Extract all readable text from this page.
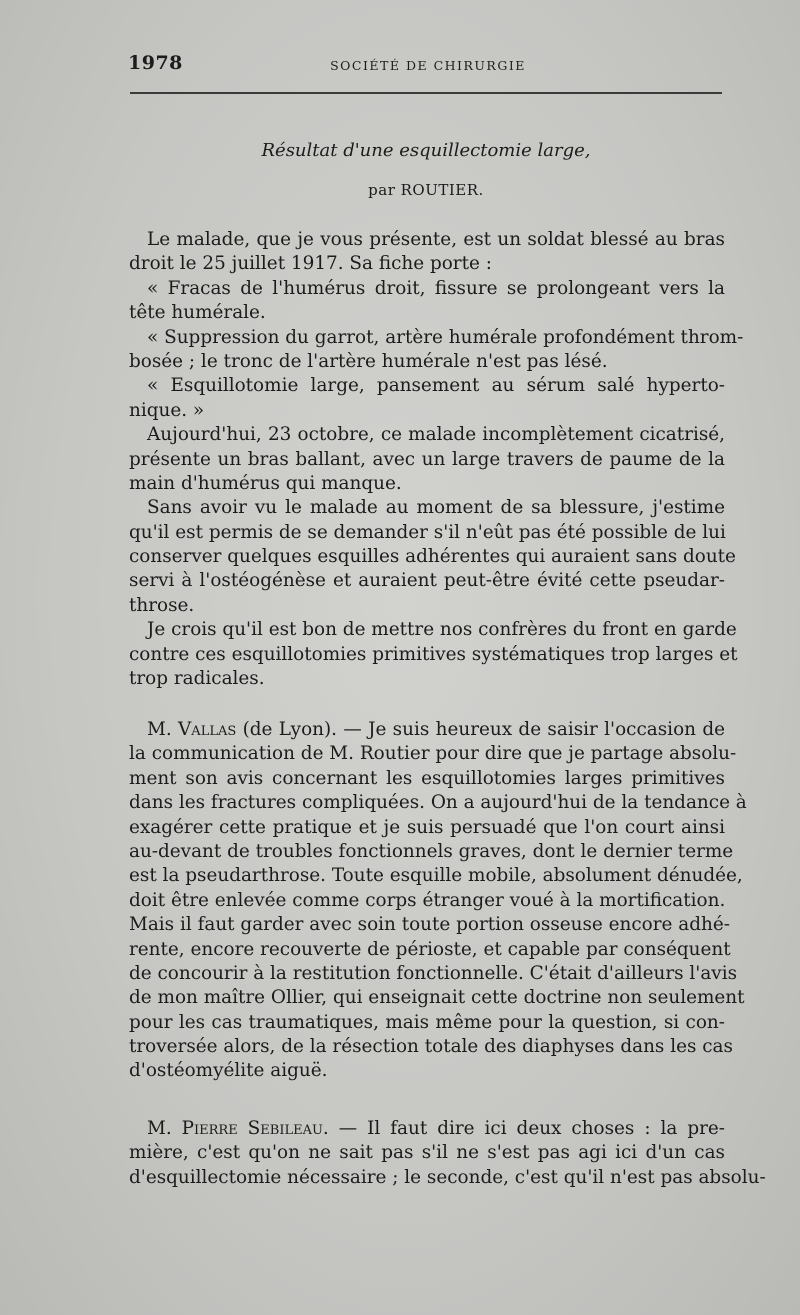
1978	SOCIÉTÉ DE CHIRURGIE
Résultat d'une esquillectomie large,
par ROUTIER.
Le malade, que je vous présente, est un soldat blessé au bras
droit le 25 juillet 1917. Sa fiche porte :
« Fracas de l'humérus droit, fissure se prolongeant vers la
tête humérale.
« Suppression du garrot, artère humérale profondément throm-
bosée ; le tronc de l'artère humérale n'est pas lésé.
« Esquillotomie large, pansement au sérum salé hyperto-
nique. »
Aujourd'hui, 23 octobre, ce malade incomplètement cicatrisé,
présente un bras ballant, avec un large travers de paume de la
main d'humérus qui manque.
Sans avoir vu le malade au moment de sa blessure, j'estime
qu'il est permis de se demander s'il n'eût pas été possible de lui
conserver quelques esquilles adhérentes qui auraient sans doute
servi à l'ostéogénèse et auraient peut-être évité cette pseudar-
throse.
Je crois qu'il est bon de mettre nos confrères du front en garde
contre ces esquillotomies primitives systématiques trop larges et
trop radicales.
M. Vallas (de Lyon). — Je suis heureux de saisir l'occasion de
la communication de M. Routier pour dire que je partage absolu-
ment son avis concernant les esquillotomies larges primitives
dans les fractures compliquées. On a aujourd'hui de la tendance à
exagérer cette pratique et je suis persuadé que l'on court ainsi
au-devant de troubles fonctionnels graves, dont le dernier terme
est la pseudarthrose. Toute esquille mobile, absolument dénudée,
doit être enlevée comme corps étranger voué à la mortification.
Mais il faut garder avec soin toute portion osseuse encore adhé-
rente, encore recouverte de périoste, et capable par conséquent
de concourir à la restitution fonctionnelle. C'était d'ailleurs l'avis
de mon maître Ollier, qui enseignait cette doctrine non seulement
pour les cas traumatiques, mais même pour la question, si con-
troversée alors, de la résection totale des diaphyses dans les cas
d'ostéomyélite aiguë.
M. Pierre Sebileau. — Il faut dire ici deux choses : la pre-
mière, c'est qu'on ne sait pas s'il ne s'est pas agi ici d'un cas
d'esquillectomie nécessaire ; le seconde, c'est qu'il n'est pas absolu-
